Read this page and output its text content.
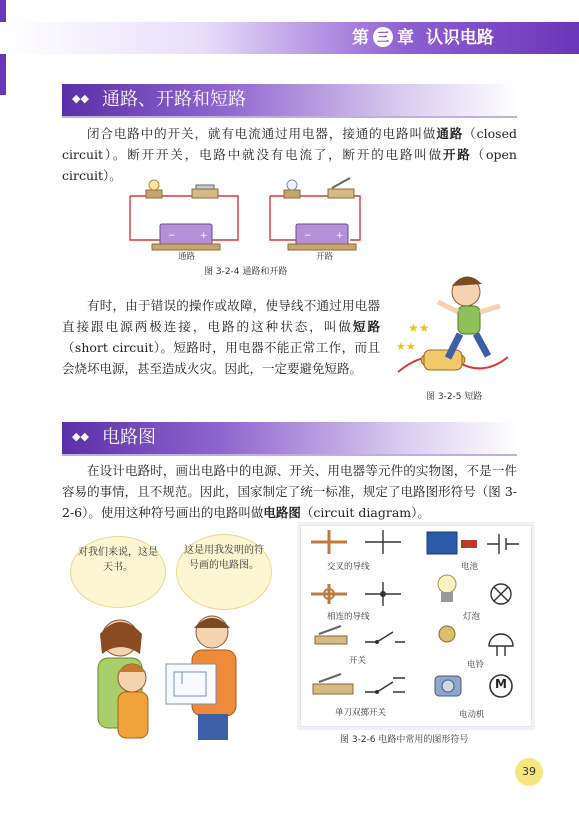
第 三 章 认识电路
◆◆ 通路、开路和短路

闭合电路中的开关，就有电流通过用电器，接通的电路叫做通路（closed circuit）。断开开关，电路中就没有电流了，断开的电路叫做开路（open circuit）。

−	+	−	+
通路	开路
图 3-2-4 通路和开路

有时，由于错误的操作或故障，使导线不通过用电器直接跟电源两极连接，电路的这种状态，叫做短路（short circuit）。短路时，用电器不能正常工作，而且会烧坏电源，甚至造成火灾。因此，一定要避免短路。

★★
★★
图 3-2-5 短路
◆◆ 电路图

在设计电路时，画出电路中的电源、开关、用电器等元件的实物图，不是一件容易的事情，且不规范。因此，国家制定了统一标准，规定了电路图形符号（图 3-2-6）。使用这种符号画出的电路叫做电路图（circuit diagram）。

对我们来说，这是天书。
这是用我发明的符号画的电路图。	交叉的导线	电池
相连的导线	灯泡
开关	电铃
单刀双掷开关	电动机
M
图 3-2-6 电路中常用的图形符号
39
